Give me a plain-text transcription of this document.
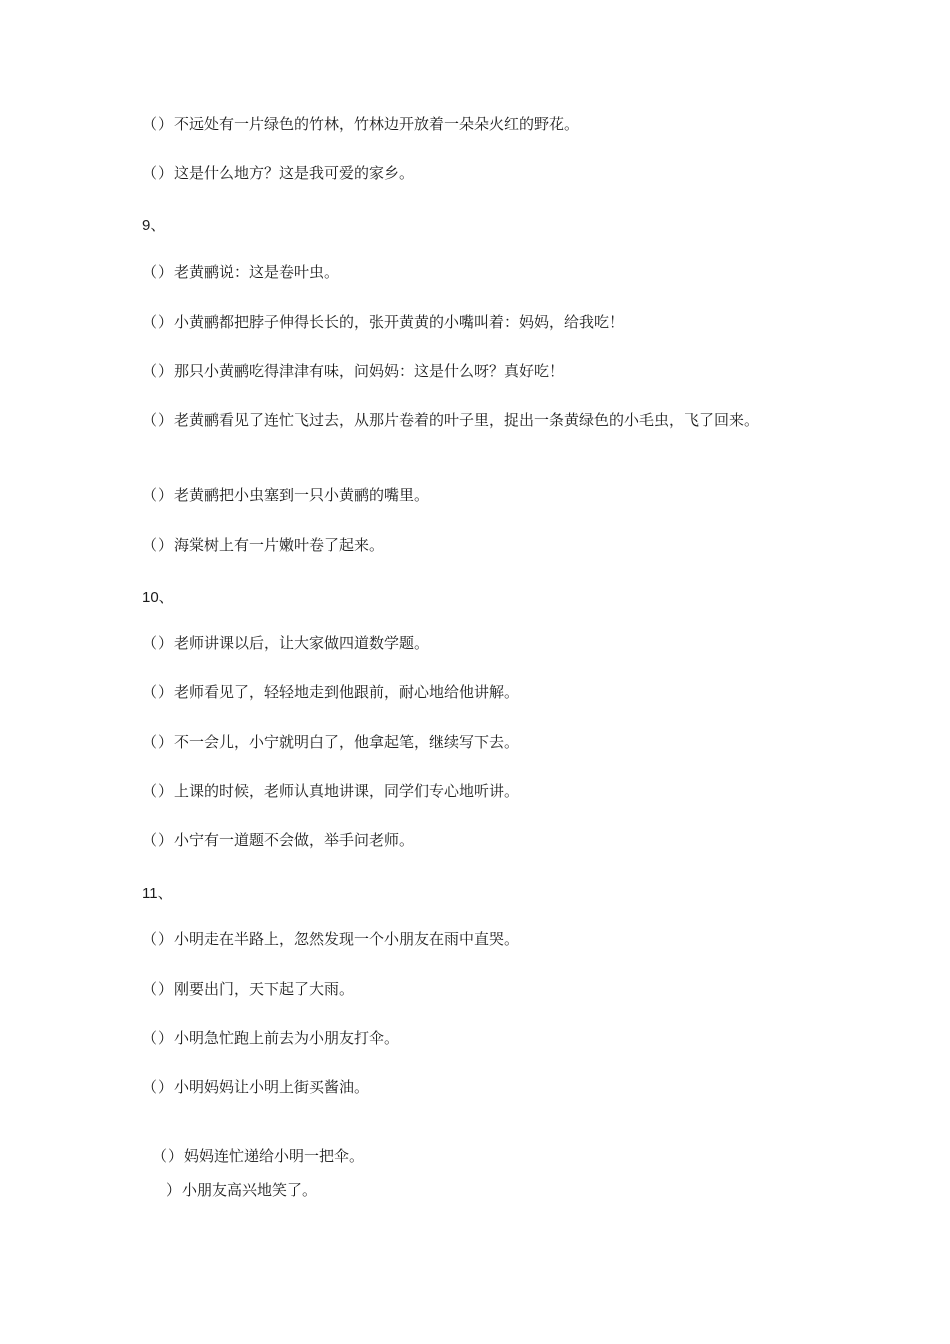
（）不远处有一片绿色的竹林，竹林边开放着一朵朵火红的野花。
（）这是什么地方？这是我可爱的家乡。
9、
（）老黄鹂说：这是卷叶虫。
（）小黄鹂都把脖子伸得长长的，张开黄黄的小嘴叫着：妈妈，给我吃！
（）那只小黄鹂吃得津津有味，问妈妈：这是什么呀？真好吃！
（）老黄鹂看见了连忙飞过去，从那片卷着的叶子里，捉出一条黄绿色的小毛虫，飞了回来。
（）老黄鹂把小虫塞到一只小黄鹂的嘴里。
（）海棠树上有一片嫩叶卷了起来。
10、
（）老师讲课以后，让大家做四道数学题。
（）老师看见了，轻轻地走到他跟前，耐心地给他讲解。
（）不一会儿，小宁就明白了，他拿起笔，继续写下去。
（）上课的时候，老师认真地讲课，同学们专心地听讲。
（）小宁有一道题不会做，举手问老师。
11、
（）小明走在半路上，忽然发现一个小朋友在雨中直哭。
（）刚要出门，天下起了大雨。
（）小明急忙跑上前去为小朋友打伞。
（）小明妈妈让小明上街买酱油。
（）妈妈连忙递给小明一把伞。
）小朋友高兴地笑了。
